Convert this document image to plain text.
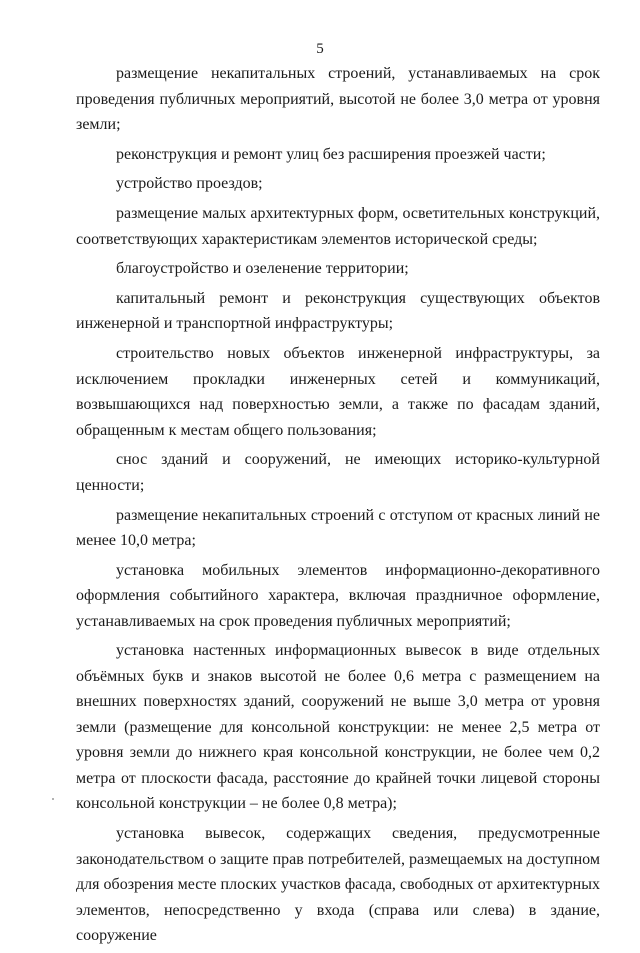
5

размещение некапитальных строений, устанавливаемых на срок проведения публичных мероприятий, высотой не более 3,0 метра от уровня земли;

реконструкция и ремонт улиц без расширения проезжей части;

устройство проездов;

размещение малых архитектурных форм, осветительных конструкций, соответствующих характеристикам элементов исторической среды;

благоустройство и озеленение территории;

капитальный ремонт и реконструкция существующих объектов инженерной и транспортной инфраструктуры;

строительство новых объектов инженерной инфраструктуры, за исключением прокладки инженерных сетей и коммуникаций, возвышающихся над поверхностью земли, а также по фасадам зданий, обращенным к местам общего пользования;

снос зданий и сооружений, не имеющих историко-культурной ценности;

размещение некапитальных строений с отступом от красных линий не менее 10,0 метра;

установка мобильных элементов информационно-декоративного оформления событийного характера, включая праздничное оформление, устанавливаемых на срок проведения публичных мероприятий;

установка настенных информационных вывесок в виде отдельных объёмных букв и знаков высотой не более 0,6 метра с размещением на внешних поверхностях зданий, сооружений не выше 3,0 метра от уровня земли (размещение для консольной конструкции: не менее 2,5 метра от уровня земли до нижнего края консольной конструкции, не более чем 0,2 метра от плоскости фасада, расстояние до крайней точки лицевой стороны консольной конструкции – не более 0,8 метра);

установка вывесок, содержащих сведения, предусмотренные законодательством о защите прав потребителей, размещаемых на доступном для обозрения месте плоских участков фасада, свободных от архитектурных элементов, непосредственно у входа (справа или слева) в здание, сооружение
